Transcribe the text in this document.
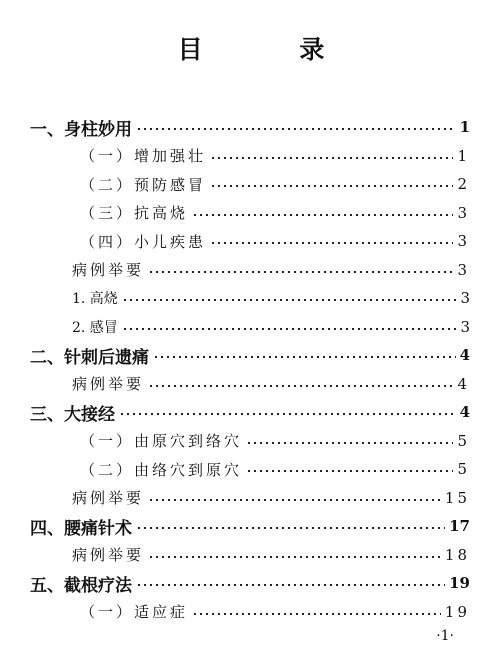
目 录
一、身柱妙用	1
（一）增加强壮	1
（二）预防感冒	2
（三）抗高烧	3
（四）小儿疾患	3
病例举要	3
1. 高烧	3
2. 感冒	3
二、针刺后遗痛	4
病例举要	4
三、大接经	4
（一）由原穴到络穴	5
（二）由络穴到原穴	5
病例举要	15
四、腰痛针术	17
病例举要	18
五、截根疗法	19
（一）适应症	19
·1·
